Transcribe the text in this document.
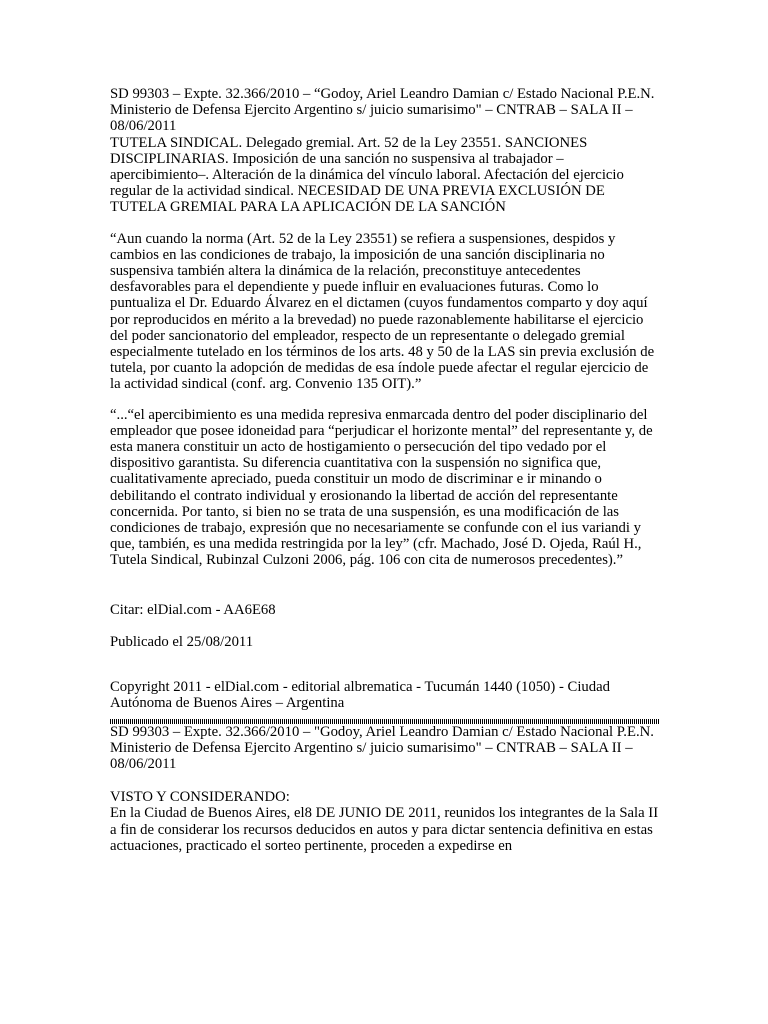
SD 99303 – Expte. 32.366/2010 – “Godoy, Ariel Leandro Damian c/ Estado Nacional P.E.N. Ministerio de Defensa Ejercito Argentino s/ juicio sumarisimo" – CNTRAB – SALA II – 08/06/2011

TUTELA SINDICAL. Delegado gremial. Art. 52 de la Ley 23551. SANCIONES DISCIPLINARIAS. Imposición de una sanción no suspensiva al trabajador – apercibimiento–. Alteración de la dinámica del vínculo laboral. Afectación del ejercicio regular de la actividad sindical. NECESIDAD DE UNA PREVIA EXCLUSIÓN DE TUTELA GREMIAL PARA LA APLICACIÓN DE LA SANCIÓN

“Aun cuando la norma (Art. 52 de la Ley 23551) se refiera a suspensiones, despidos y cambios en las condiciones de trabajo, la imposición de una sanción disciplinaria no suspensiva también altera la dinámica de la relación, preconstituye antecedentes desfavorables para el dependiente y puede influir en evaluaciones futuras. Como lo puntualiza el Dr. Eduardo Álvarez en el dictamen (cuyos fundamentos comparto y doy aquí por reproducidos en mérito a la brevedad) no puede razonablemente habilitarse el ejercicio del poder sancionatorio del empleador, respecto de un representante o delegado gremial especialmente tutelado en los términos de los arts. 48 y 50 de la LAS sin previa exclusión de tutela, por cuanto la adopción de medidas de esa índole puede afectar el regular ejercicio de la actividad sindical (conf. arg. Convenio 135 OIT).”

“...“el apercibimiento es una medida represiva enmarcada dentro del poder disciplinario del empleador que posee idoneidad para “perjudicar el horizonte mental” del representante y, de esta manera constituir un acto de hostigamiento o persecución del tipo vedado por el dispositivo garantista. Su diferencia cuantitativa con la suspensión no significa que, cualitativamente apreciado, pueda constituir un modo de discriminar e ir minando o debilitando el contrato individual y erosionando la libertad de acción del representante concernida. Por tanto, si bien no se trata de una suspensión, es una modificación de las condiciones de trabajo, expresión que no necesariamente se confunde con el ius variandi y que, también, es una medida restringida por la ley” (cfr. Machado, José D. Ojeda, Raúl H., Tutela Sindical, Rubinzal Culzoni 2006, pág. 106 con cita de numerosos precedentes).”

Citar: elDial.com - AA6E68

Publicado el 25/08/2011

Copyright 2011 - elDial.com - editorial albrematica - Tucumán 1440 (1050) - Ciudad Autónoma de Buenos Aires – Argentina

SD 99303 – Expte. 32.366/2010 – "Godoy, Ariel Leandro Damian c/ Estado Nacional P.E.N. Ministerio de Defensa Ejercito Argentino s/ juicio sumarisimo" – CNTRAB – SALA II – 08/06/2011

VISTO Y CONSIDERANDO:

En la Ciudad de Buenos Aires, el8 DE JUNIO DE 2011, reunidos los integrantes de la Sala II a fin de considerar los recursos deducidos en autos y para dictar sentencia definitiva en estas actuaciones, practicado el sorteo pertinente, proceden a expedirse en
